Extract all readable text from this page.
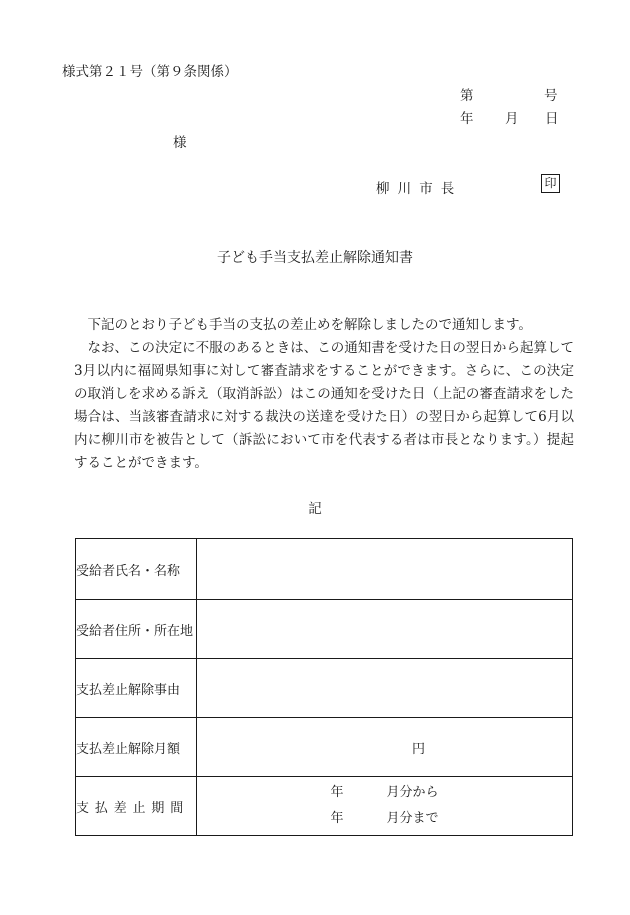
様式第２１号（第９条関係）
第	号
年 月 日
様
柳川市長	印
子ども手当支払差止解除通知書

下記のとおり子ども手当の支払の差止めを解除しましたので通知します。

なお、この決定に不服のあるときは、この通知書を受けた日の翌日から起算して3月以内に福岡県知事に対して審査請求をすることができます。さらに、この決定の取消しを求める訴え（取消訴訟）はこの通知を受けた日（上記の審査請求をした場合は、当該審査請求に対する裁決の送達を受けた日）の翌日から起算して6月以内に柳川市を被告として（訴訟において市を代表する者は市長となります。）提起することができます。

記
受給者氏名・名称	
受給者住所・所在地	
支払差止解除事由	
支払差止解除月額	円
支払差止期間	年 月分から
年 月分まで
